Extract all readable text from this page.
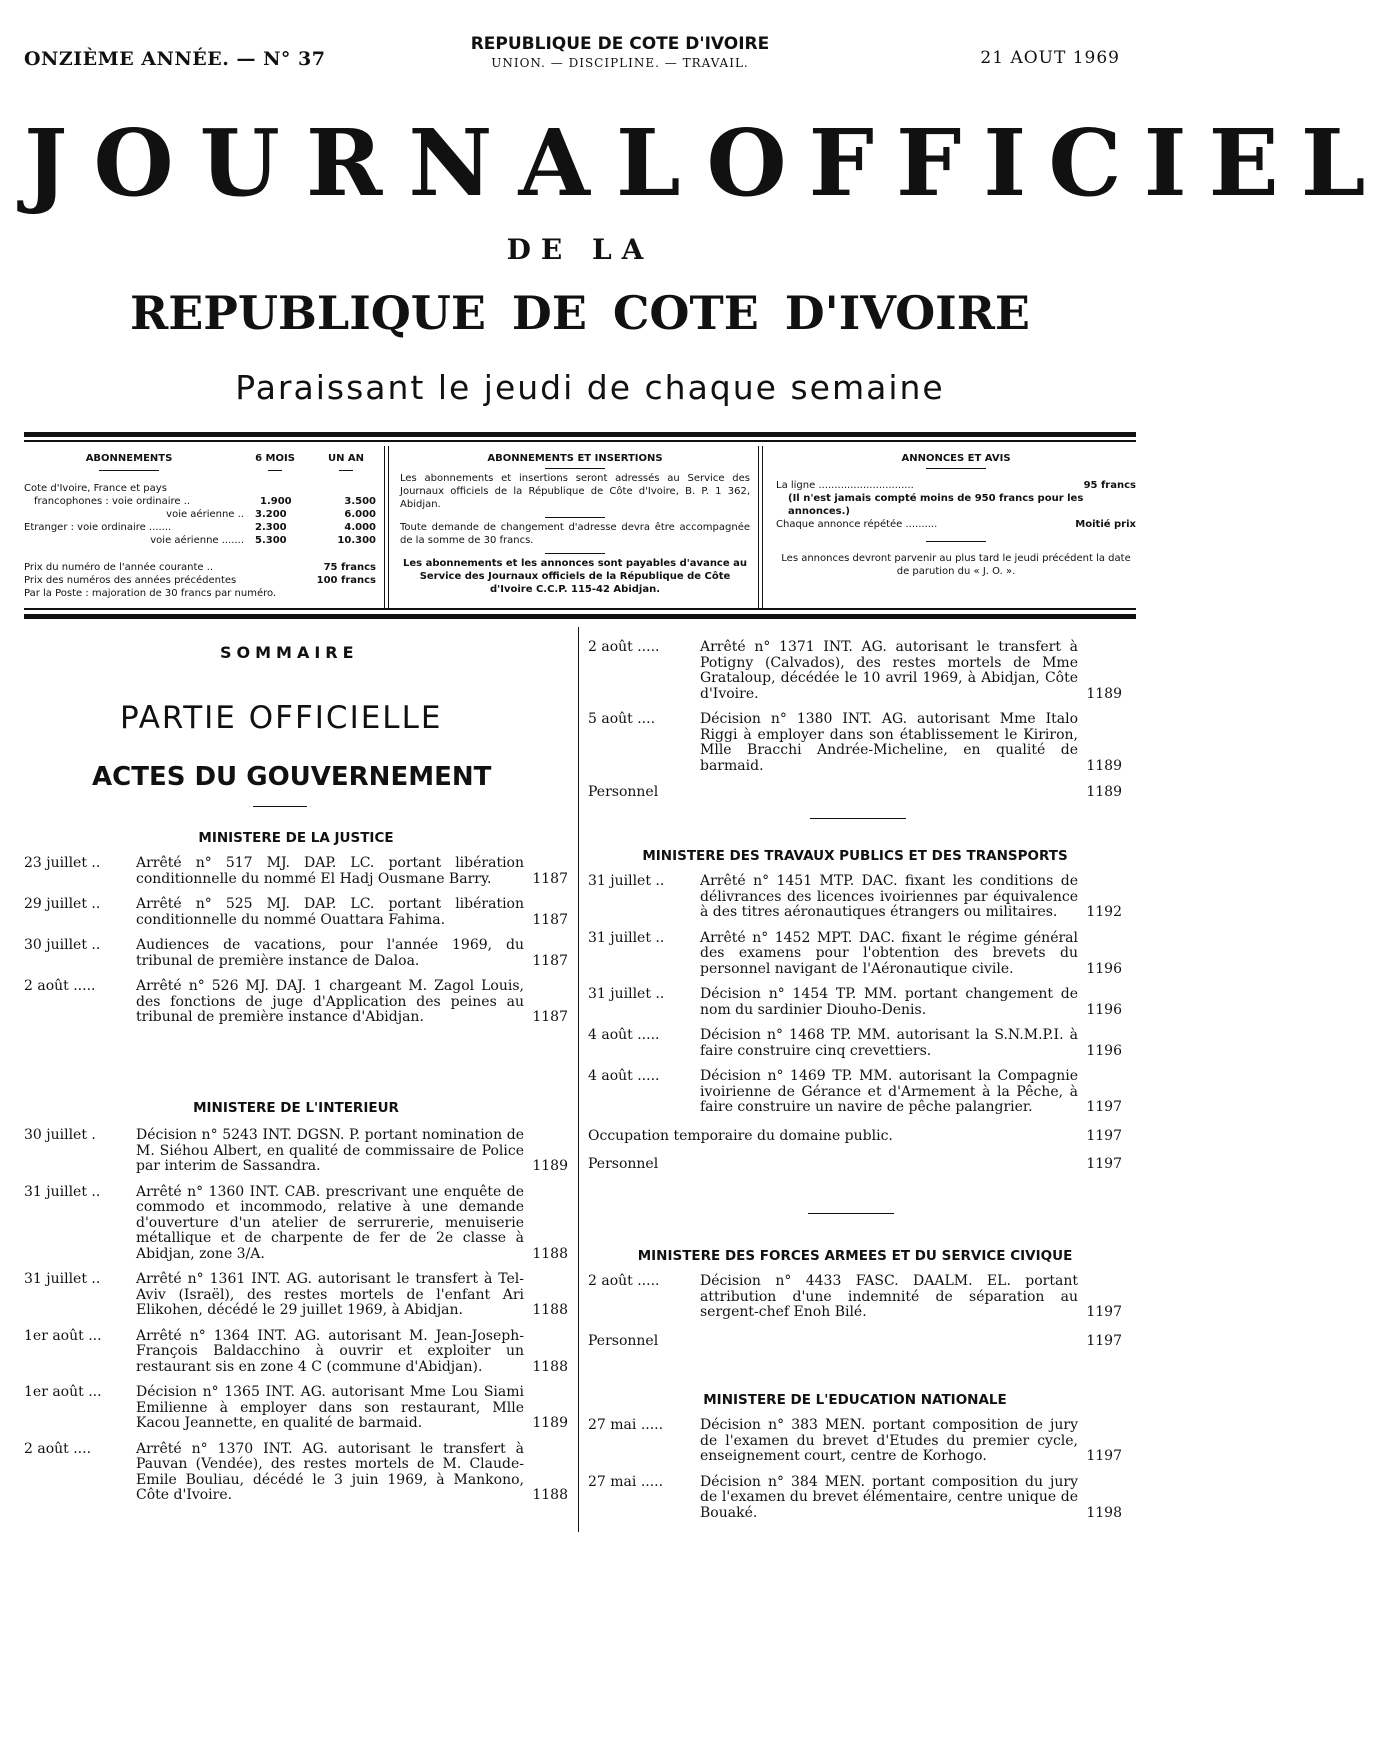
ONZIÈME ANNÉE. — N° 37
REPUBLIQUE DE COTE D'IVOIRE
UNION. — DISCIPLINE. — TRAVAIL.	21 AOUT 1969
JOURNAL OFFICIEL
DE LA
REPUBLIQUE DE COTE D'IVOIRE
Paraissant le jeudi de chaque semaine
ABONNEMENTS	6 MOIS	UN AN
Cote d'Ivoire, France et pays
francophones : voie ordinaire ..	1.900	3.500
voie aérienne .. 3.200	6.000
Etranger : voie ordinaire .......	2.300	4.000
voie aérienne ....... 5.300	10.300
Prix du numéro de l'année courante ..	75 francs
Prix des numéros des années précédentes	100 francs
Par la Poste : majoration de 30 francs par numéro.
ABONNEMENTS ET INSERTIONS
Les abonnements et insertions seront adressés au Service des Journaux officiels de la République de Côte d'Ivoire, B. P. 1 362, Abidjan.
Toute demande de changement d'adresse devra être accompagnée de la somme de 30 francs.
Les abonnements et les annonces sont payables d'avance au Service des Journaux officiels de la République de Côte d'Ivoire C.C.P. 115-42 Abidjan.
ANNONCES ET AVIS
La ligne ..............................	95 francs
(Il n'est jamais compté moins de 950 francs pour les annonces.)
Chaque annonce répétée ..........	Moitié prix
Les annonces devront parvenir au plus tard le jeudi précédent la date de parution du « J. O. ».
SOMMAIRE
PARTIE OFFICIELLE
ACTES DU GOUVERNEMENT
MINISTERE DE LA JUSTICE
23 juillet ..	Arrêté n° 517 MJ. DAP. LC. portant libération conditionnelle du nommé El Hadj Ousmane Barry.	1187
29 juillet ..	Arrêté n° 525 MJ. DAP. LC. portant libération conditionnelle du nommé Ouattara Fahima.	1187
30 juillet ..	Audiences de vacations, pour l'année 1969, du tribunal de première instance de Daloa.	1187
2 août .....	Arrêté n° 526 MJ. DAJ. 1 chargeant M. Zagol Louis, des fonctions de juge d'Application des peines au tribunal de première instance d'Abidjan.	1187
MINISTERE DE L'INTERIEUR
30 juillet .	Décision n° 5243 INT. DGSN. P. portant nomination de M. Siéhou Albert, en qualité de commissaire de Police par interim de Sassandra.	1189
31 juillet ..	Arrêté n° 1360 INT. CAB. prescrivant une enquête de commodo et incommodo, relative à une demande d'ouverture d'un atelier de serrurerie, menuiserie métallique et de charpente de fer de 2e classe à Abidjan, zone 3/A.	1188
31 juillet ..	Arrêté n° 1361 INT. AG. autorisant le transfert à Tel-Aviv (Israël), des restes mortels de l'enfant Ari Elikohen, décédé le 29 juillet 1969, à Abidjan.	1188
1er août ...	Arrêté n° 1364 INT. AG. autorisant M. Jean-Joseph-François Baldacchino à ouvrir et exploiter un restaurant sis en zone 4 C (commune d'Abidjan).	1188
1er août ...	Décision n° 1365 INT. AG. autorisant Mme Lou Siami Emilienne à employer dans son restaurant, Mlle Kacou Jeannette, en qualité de barmaid.	1189
2 août ....	Arrêté n° 1370 INT. AG. autorisant le transfert à Pauvan (Vendée), des restes mortels de M. Claude-Emile Bouliau, décédé le 3 juin 1969, à Mankono, Côte d'Ivoire.	1188
2 août .....	Arrêté n° 1371 INT. AG. autorisant le transfert à Potigny (Calvados), des restes mortels de Mme Grataloup, décédée le 10 avril 1969, à Abidjan, Côte d'Ivoire.	1189
5 août ....	Décision n° 1380 INT. AG. autorisant Mme Italo Riggi à employer dans son établissement le Kiriron, Mlle Bracchi Andrée-Micheline, en qualité de barmaid.	1189
Personnel	1189
MINISTERE DES TRAVAUX PUBLICS ET DES TRANSPORTS
31 juillet ..	Arrêté n° 1451 MTP. DAC. fixant les conditions de délivrances des licences ivoiriennes par équivalence à des titres aéronautiques étrangers ou militaires.	1192
31 juillet ..	Arrêté n° 1452 MPT. DAC. fixant le régime général des examens pour l'obtention des brevets du personnel navigant de l'Aéronautique civile.	1196
31 juillet ..	Décision n° 1454 TP. MM. portant changement de nom du sardinier Diouho-Denis.	1196
4 août .....	Décision n° 1468 TP. MM. autorisant la S.N.M.P.I. à faire construire cinq crevettiers.	1196
4 août .....	Décision n° 1469 TP. MM. autorisant la Compagnie ivoirienne de Gérance et d'Armement à la Pêche, à faire construire un navire de pêche palangrier.	1197
Occupation temporaire du domaine public.	1197
Personnel	1197
MINISTERE DES FORCES ARMEES ET DU SERVICE CIVIQUE
2 août .....	Décision n° 4433 FASC. DAALM. EL. portant attribution d'une indemnité de séparation au sergent-chef Enoh Bilé.	1197
Personnel	1197
MINISTERE DE L'EDUCATION NATIONALE
27 mai .....	Décision n° 383 MEN. portant composition de jury de l'examen du brevet d'Etudes du premier cycle, enseignement court, centre de Korhogo.	1197
27 mai .....	Décision n° 384 MEN. portant composition du jury de l'examen du brevet élémentaire, centre unique de Bouaké.	1198
